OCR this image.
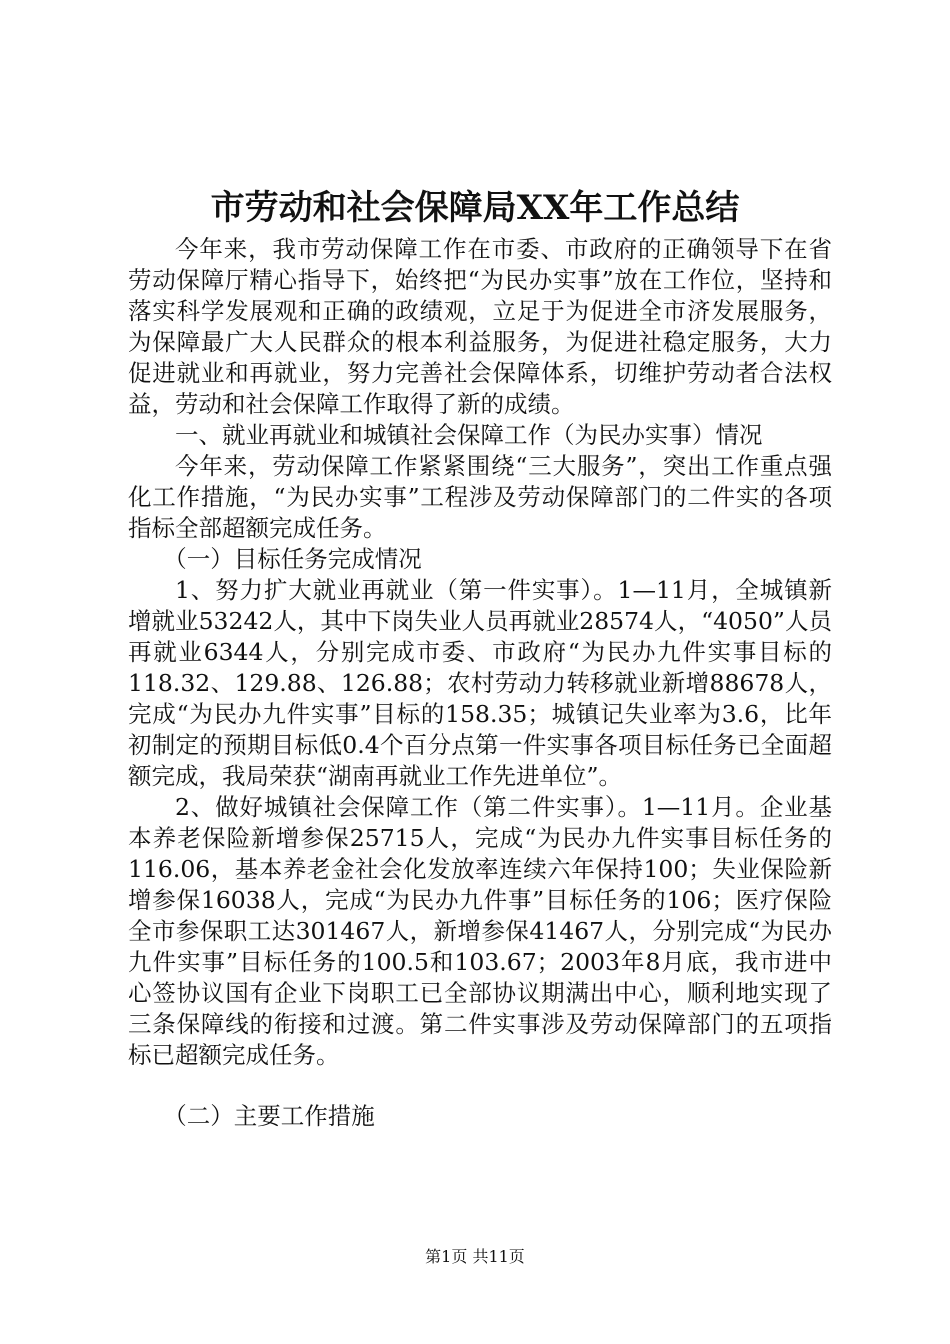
市劳动和社会保障局XX年工作总结

今年来，我市劳动保障工作在市委、市政府的正确领导下在省劳动保障厅精心指导下，始终把“为民办实事”放在工作位，坚持和落实科学发展观和正确的政绩观，立足于为促进全市济发展服务，为保障最广大人民群众的根本利益服务，为促进社稳定服务，大力促进就业和再就业，努力完善社会保障体系，切维护劳动者合法权益，劳动和社会保障工作取得了新的成绩。

一、就业再就业和城镇社会保障工作（为民办实事）情况

今年来，劳动保障工作紧紧围绕“三大服务”，突出工作重点强化工作措施，“为民办实事”工程涉及劳动保障部门的二件实的各项指标全部超额完成任务。

（一）目标任务完成情况

1、努力扩大就业再就业（第一件实事）。1—11月，全城镇新增就业53242人，其中下岗失业人员再就业28574人，“4050”人员再就业6344人，分别完成市委、市政府“为民办九件实事目标的118.32、129.88、126.88；农村劳动力转移就业新增88678人，完成“为民办九件实事”目标的158.35；城镇记失业率为3.6，比年初制定的预期目标低0.4个百分点第一件实事各项目标任务已全面超额完成，我局荣获“湖南再就业工作先进单位”。

2、做好城镇社会保障工作（第二件实事）。1—11月。企业基本养老保险新增参保25715人，完成“为民办九件实事目标任务的116.06，基本养老金社会化发放率连续六年保持100；失业保险新增参保16038人，完成“为民办九件事”目标任务的106；医疗保险全市参保职工达301467人，新增参保41467人，分别完成“为民办九件实事”目标任务的100.5和103.67；2003年8月底，我市进中心签协议国有企业下岗职工已全部协议期满出中心，顺利地实现了三条保障线的衔接和过渡。第二件实事涉及劳动保障部门的五项指标已超额完成任务。

（二）主要工作措施

第1页 共11页
